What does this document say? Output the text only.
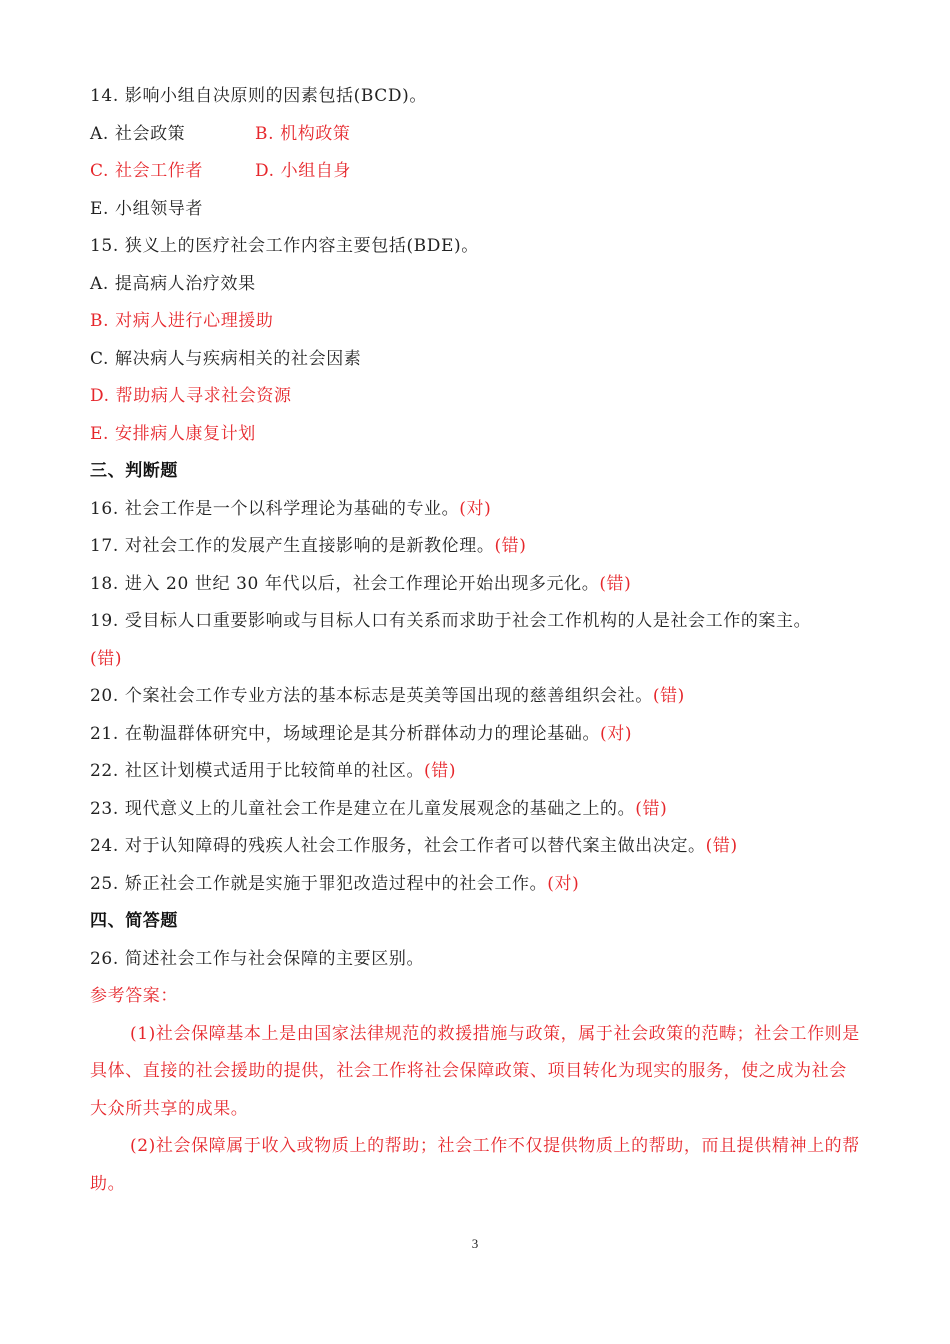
14. 影响小组自决原则的因素包括(BCD)。
A. 社会政策	B. 机构政策
C. 社会工作者	D. 小组自身
E. 小组领导者
15. 狭义上的医疗社会工作内容主要包括(BDE)。
A. 提高病人治疗效果
B. 对病人进行心理援助
C. 解决病人与疾病相关的社会因素
D. 帮助病人寻求社会资源
E. 安排病人康复计划
三、判断题
16. 社会工作是一个以科学理论为基础的专业。(对)
17. 对社会工作的发展产生直接影响的是新教伦理。(错)
18. 进入 20 世纪 30 年代以后，社会工作理论开始出现多元化。(错)
19. 受目标人口重要影响或与目标人口有关系而求助于社会工作机构的人是社会工作的案主。
(错)
20. 个案社会工作专业方法的基本标志是英美等国出现的慈善组织会社。(错)
21. 在勒温群体研究中，场域理论是其分析群体动力的理论基础。(对)
22. 社区计划模式适用于比较简单的社区。(错)
23. 现代意义上的儿童社会工作是建立在儿童发展观念的基础之上的。(错)
24. 对于认知障碍的残疾人社会工作服务，社会工作者可以替代案主做出决定。(错)
25. 矫正社会工作就是实施于罪犯改造过程中的社会工作。(对)
四、简答题
26. 简述社会工作与社会保障的主要区别。
参考答案：
(1)社会保障基本上是由国家法律规范的救援措施与政策，属于社会政策的范畴；社会工作则是具体、直接的社会援助的提供，社会工作将社会保障政策、项目转化为现实的服务，使之成为社会大众所共享的成果。
(2)社会保障属于收入或物质上的帮助；社会工作不仅提供物质上的帮助，而且提供精神上的帮助。
3
